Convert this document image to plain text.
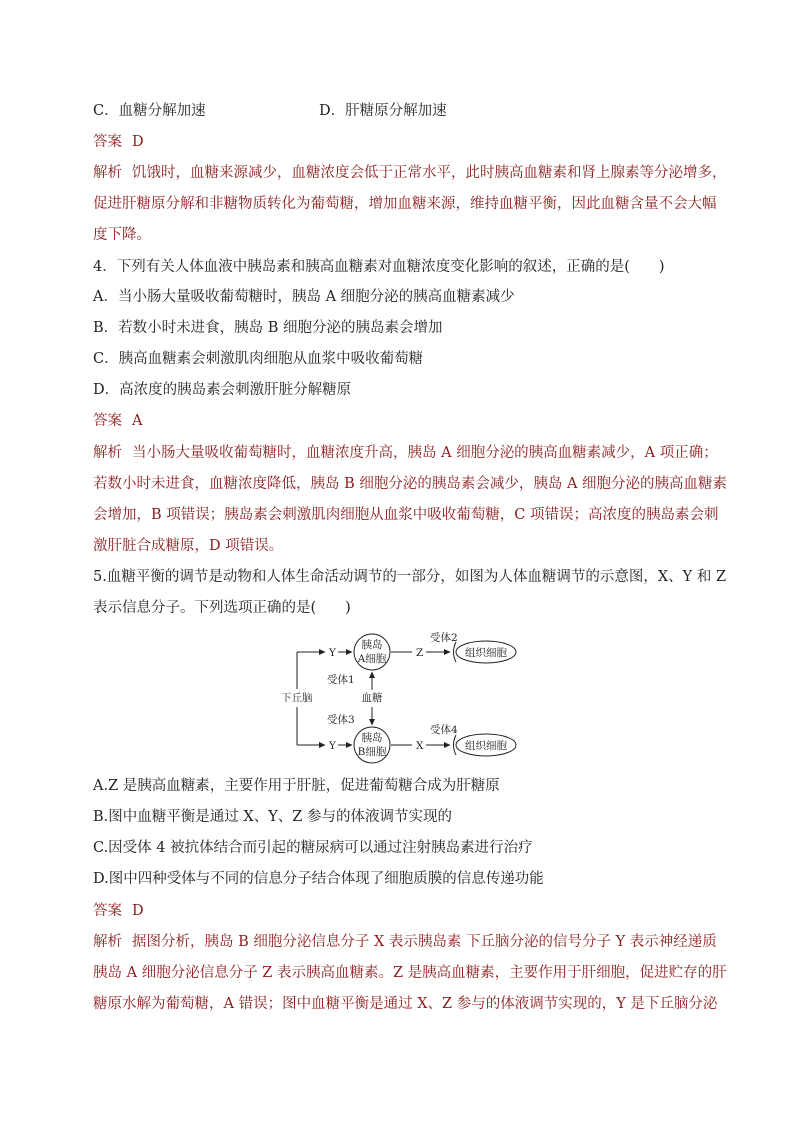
C．血糖分解加速	D．肝糖原分解加速
答案 D
解析 饥饿时，血糖来源减少，血糖浓度会低于正常水平，此时胰高血糖素和肾上腺素等分泌增多，
促进肝糖原分解和非糖物质转化为葡萄糖，增加血糖来源，维持血糖平衡，因此血糖含量不会大幅
度下降。
4．下列有关人体血液中胰岛素和胰高血糖素对血糖浓度变化影响的叙述，正确的是(　　)
A．当小肠大量吸收葡萄糖时，胰岛 A 细胞分泌的胰高血糖素减少
B．若数小时未进食，胰岛 B 细胞分泌的胰岛素会增加
C．胰高血糖素会刺激肌肉细胞从血浆中吸收葡萄糖
D．高浓度的胰岛素会刺激肝脏分解糖原
答案 A
解析 当小肠大量吸收葡萄糖时，血糖浓度升高，胰岛 A 细胞分泌的胰高血糖素减少，A 项正确；
若数小时未进食，血糖浓度降低，胰岛 B 细胞分泌的胰岛素会减少，胰岛 A 细胞分泌的胰高血糖素
会增加，B 项错误；胰岛素会刺激肌肉细胞从血浆中吸收葡萄糖，C 项错误；高浓度的胰岛素会刺
激肝脏合成糖原，D 项错误。
5.血糖平衡的调节是动物和人体生命活动调节的一部分，如图为人体血糖调节的示意图，X、Y 和 Z
表示信息分子。下列选项正确的是(　　)
下丘脑
Y
Y
胰岛
A细胞
胰岛
B细胞
血糖
受体1
受体3
Z
受体2
X
受体4
组织细胞
组织细胞
A.Z 是胰高血糖素，主要作用于肝脏，促进葡萄糖合成为肝糖原
B.图中血糖平衡是通过 X、Y、Z 参与的体液调节实现的
C.因受体 4 被抗体结合而引起的糖尿病可以通过注射胰岛素进行治疗
D.图中四种受体与不同的信息分子结合体现了细胞质膜的信息传递功能
答案 D
解析 据图分析，胰岛 B 细胞分泌信息分子 X 表示胰岛素 下丘脑分泌的信号分子 Y 表示神经递质
胰岛 A 细胞分泌信息分子 Z 表示胰高血糖素。Z 是胰高血糖素，主要作用于肝细胞，促进贮存的肝
糖原水解为葡萄糖，A 错误；图中血糖平衡是通过 X、Z 参与的体液调节实现的，Y 是下丘脑分泌
